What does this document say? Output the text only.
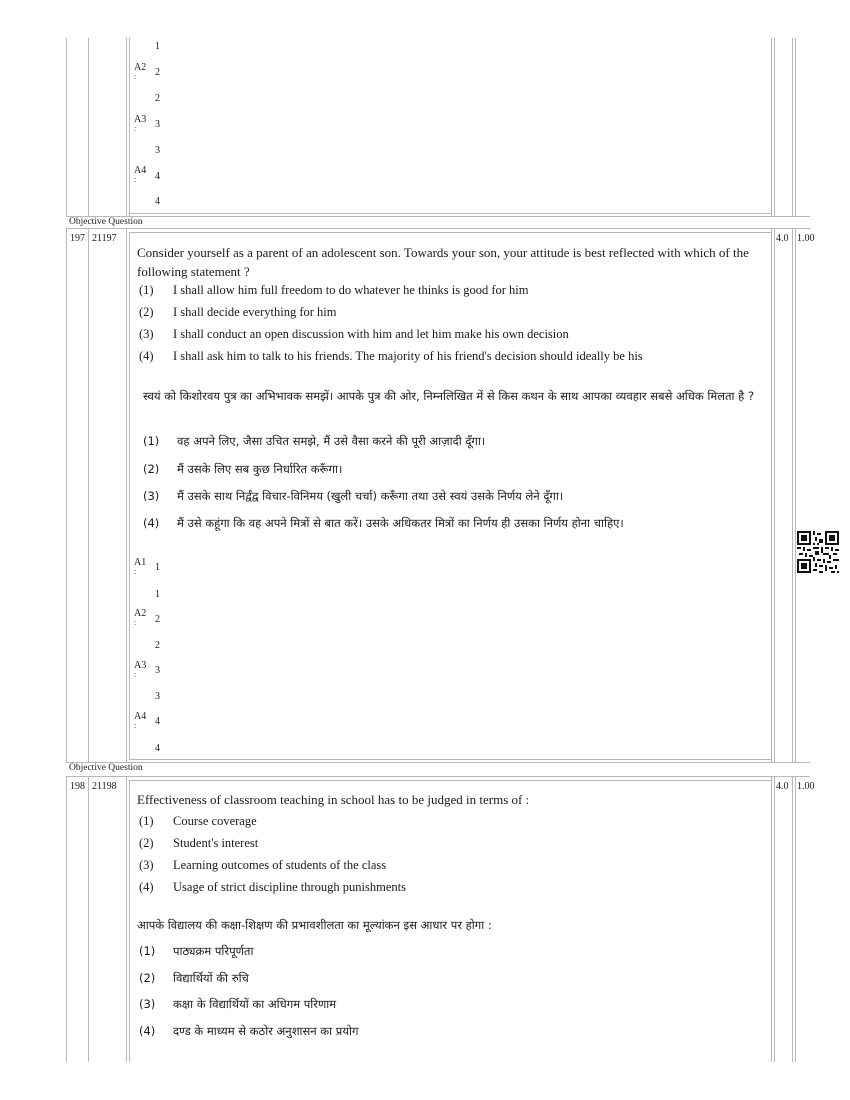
1
A2
:	2
2
A3
:	3
3
A4
:	4
4
Objective Question
197 21197	4.0 1.00
Consider yourself as a parent of an adolescent son. Towards your son, your attitude is best reflected with which of the following statement ?
(1)	I shall allow him full freedom to do whatever he thinks is good for him
(2)	I shall decide everything for him
(3)	I shall conduct an open discussion with him and let him make his own decision
(4)	I shall ask him to talk to his friends. The majority of his friend's decision should ideally be his
स्वयं को किशोरवय पुत्र का अभिभावक समझें। आपके पुत्र की ओर, निम्नलिखित में से किस कथन के साथ आपका व्यवहार सबसे अधिक मिलता है ?
(1)	वह अपने लिए, जैसा उचित समझे, मैं उसे वैसा करने की पूरी आज़ादी दूँगा।
(2)	मैं उसके लिए सब कुछ निर्धारित करूँगा।
(3)	मैं उसके साथ निर्द्वंद्व विचार-विनिमय (खुली चर्चा) करूँगा तथा उसे स्वयं उसके निर्णय लेने दूँगा।
(4)	मैं उसे कहूंगा कि वह अपने मित्रों से बात करें। उसके अधिकतर मित्रों का निर्णय ही उसका निर्णय होना चाहिए।
A1
:	1
1
A2
:	2
2
A3
:	3
3
A4
:	4
4
Objective Question
198 21198	4.0 1.00
Effectiveness of classroom teaching in school has to be judged in terms of :
(1)	Course coverage
(2)	Student's interest
(3)	Learning outcomes of students of the class
(4)	Usage of strict discipline through punishments
आपके विद्यालय की कक्षा-शिक्षण की प्रभावशीलता का मूल्यांकन इस आधार पर होगा :
(1)	पाठ्यक्रम परिपूर्णता
(2)	विद्यार्थियों की रुचि
(3)	कक्षा के विद्यार्थियों का अधिगम परिणाम
(4)	दण्ड के माध्यम से कठोर अनुशासन का प्रयोग
